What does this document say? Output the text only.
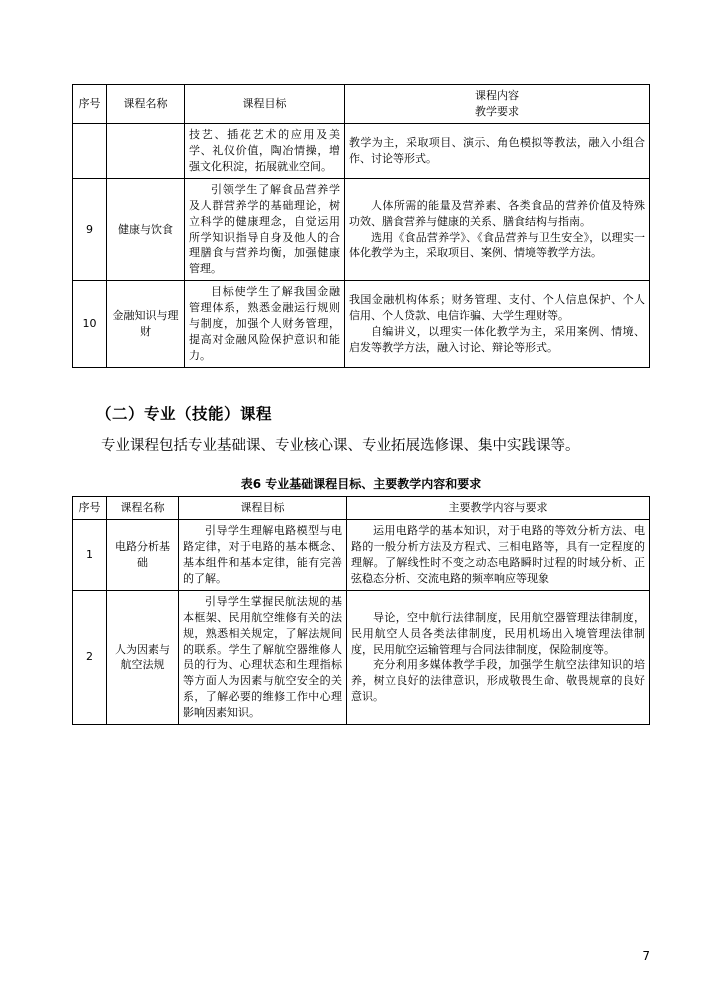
序号	课程名称	课程目标	课程内容
教学要求

		技艺、插花艺术的应用及美学、礼仪价值，陶冶情操，增强文化积淀，拓展就业空间。	教学为主，采取项目、演示、角色模拟等教法，融入小组合作、讨论等形式。

9	健康与饮食	引领学生了解食品营养学及人群营养学的基础理论，树立科学的健康理念，自觉运用所学知识指导自身及他人的合理膳食与营养均衡，加强健康管理。	人体所需的能量及营养素、各类食品的营养价值及特殊功效、膳食营养与健康的关系、膳食结构与指南。
选用《食品营养学》、《食品营养与卫生安全》，以理实一体化教学为主，采取项目、案例、情境等教学方法。

10	金融知识与理财	目标使学生了解我国金融管理体系，熟悉金融运行规则与制度，加强个人财务管理，提高对金融风险保护意识和能力。	我国金融机构体系；财务管理、支付、个人信息保护、个人信用、个人贷款、电信诈骗、大学生理财等。
自编讲义，以理实一体化教学为主，采用案例、情境、启发等教学方法，融入讨论、辩论等形式。
（二）专业（技能）课程

专业课程包括专业基础课、专业核心课、专业拓展选修课、集中实践课等。

表6 专业基础课程目标、主要教学内容和要求
序号	课程名称	课程目标	主要教学内容与要求
1	电路分析基础	引导学生理解电路模型与电路定律，对于电路的基本概念、基本组件和基本定律，能有完善的了解。	运用电路学的基本知识，对于电路的等效分析方法、电路的一般分析方法及方程式、三相电路等，具有一定程度的理解。了解线性时不变之动态电路瞬时过程的时域分析、正弦稳态分析、交流电路的频率响应等现象

2	人为因素与航空法规	引导学生掌握民航法规的基本框架、民用航空维修有关的法规，熟悉相关规定，了解法规间的联系。学生了解航空器维修人员的行为、心理状态和生理指标等方面人为因素与航空安全的关系，了解必要的维修工作中心理影响因素知识。	导论，空中航行法律制度，民用航空器管理法律制度，民用航空人员各类法律制度，民用机场出入境管理法律制度，民用航空运输管理与合同法律制度，保险制度等。
充分利用多媒体教学手段，加强学生航空法律知识的培养，树立良好的法律意识，形成敬畏生命、敬畏规章的良好意识。
7
